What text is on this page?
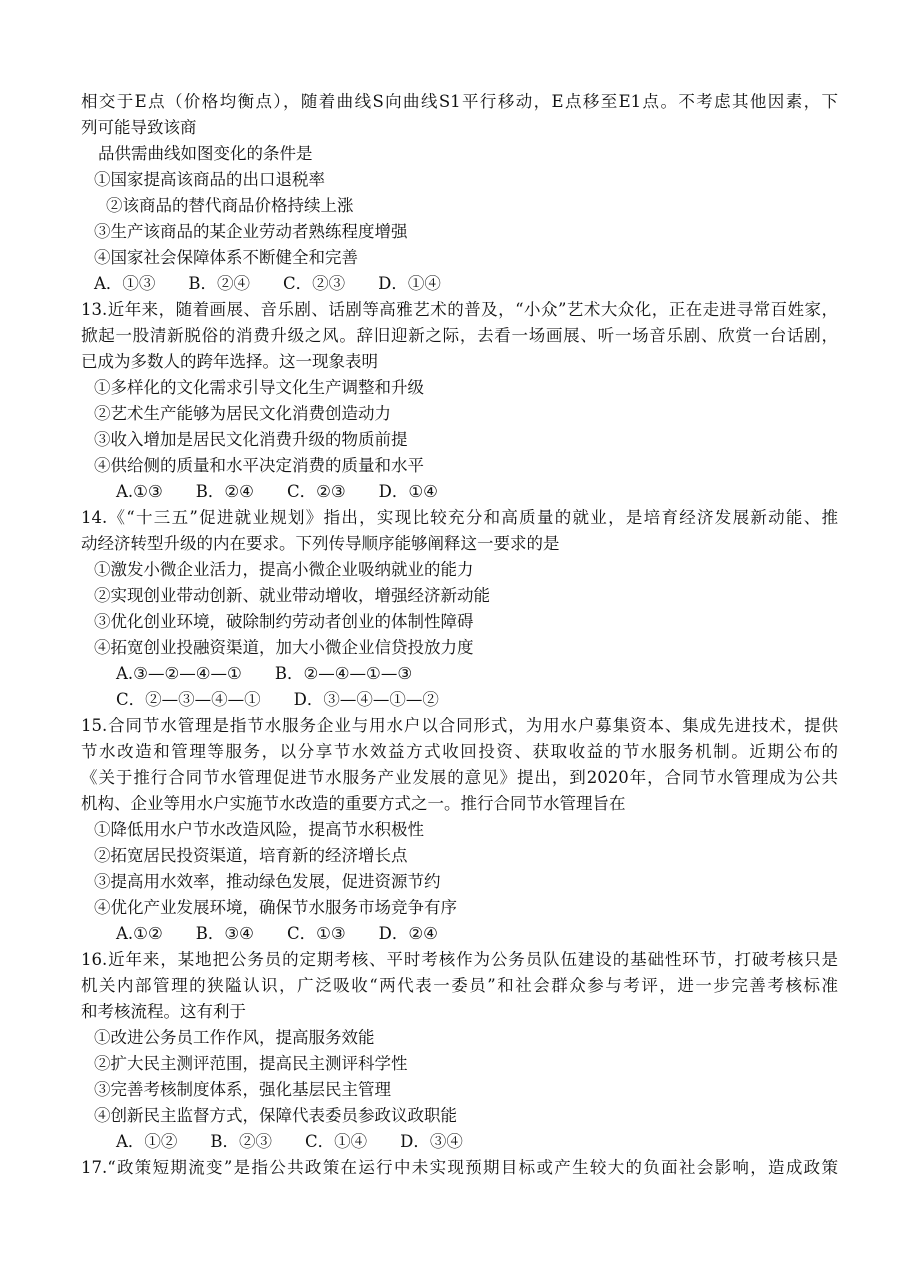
相交于E点（价格均衡点），随着曲线S向曲线S1平行移动，E点移至E1点。不考虑其他因素，下
列可能导致该商
品供需曲线如图变化的条件是
①国家提高该商品的出口退税率
②该商品的替代商品价格持续上涨
③生产该商品的某企业劳动者熟练程度增强
④国家社会保障体系不断健全和完善
A．①③　　B．②④　　C．②③　　D．①④
13.近年来，随着画展、音乐剧、话剧等高雅艺术的普及，“小众”艺术大众化，正在走进寻常百姓家，
掀起一股清新脱俗的消费升级之风。辞旧迎新之际，去看一场画展、听一场音乐剧、欣赏一台话剧，
已成为多数人的跨年选择。这一现象表明
①多样化的文化需求引导文化生产调整和升级
②艺术生产能够为居民文化消费创造动力
③收入增加是居民文化消费升级的物质前提
④供给侧的质量和水平决定消费的质量和水平
A.①③　　B．②④　　C．②③　　D．①④
14.《“十三五”促进就业规划》指出，实现比较充分和高质量的就业，是培育经济发展新动能、推
动经济转型升级的内在要求。下列传导顺序能够阐释这一要求的是
①激发小微企业活力，提高小微企业吸纳就业的能力
②实现创业带动创新、就业带动增收，增强经济新动能
③优化创业环境，破除制约劳动者创业的体制性障碍
④拓宽创业投融资渠道，加大小微企业信贷投放力度
A.③—②—④—①　　B．②—④—①—③
C．②—③—④—①　　D．③—④—①—②
15.合同节水管理是指节水服务企业与用水户以合同形式，为用水户募集资本、集成先进技术，提供
节水改造和管理等服务，以分享节水效益方式收回投资、获取收益的节水服务机制。近期公布的
《关于推行合同节水管理促进节水服务产业发展的意见》提出，到2020年，合同节水管理成为公共
机构、企业等用水户实施节水改造的重要方式之一。推行合同节水管理旨在
①降低用水户节水改造风险，提高节水积极性
②拓宽居民投资渠道，培育新的经济增长点
③提高用水效率，推动绿色发展，促进资源节约
④优化产业发展环境，确保节水服务市场竞争有序
A.①②　　B．③④　　C．①③　　D．②④
16.近年来，某地把公务员的定期考核、平时考核作为公务员队伍建设的基础性环节，打破考核只是
机关内部管理的狭隘认识，广泛吸收“两代表一委员”和社会群众参与考评，进一步完善考核标准
和考核流程。这有利于
①改进公务员工作作风，提高服务效能
②扩大民主测评范围，提高民主测评科学性
③完善考核制度体系，强化基层民主管理
④创新民主监督方式，保障代表委员参政议政职能
A．①②　　B．②③　　C．①④　　D．③④
17.“政策短期流变”是指公共政策在运行中未实现预期目标或产生较大的负面社会影响，造成政策
